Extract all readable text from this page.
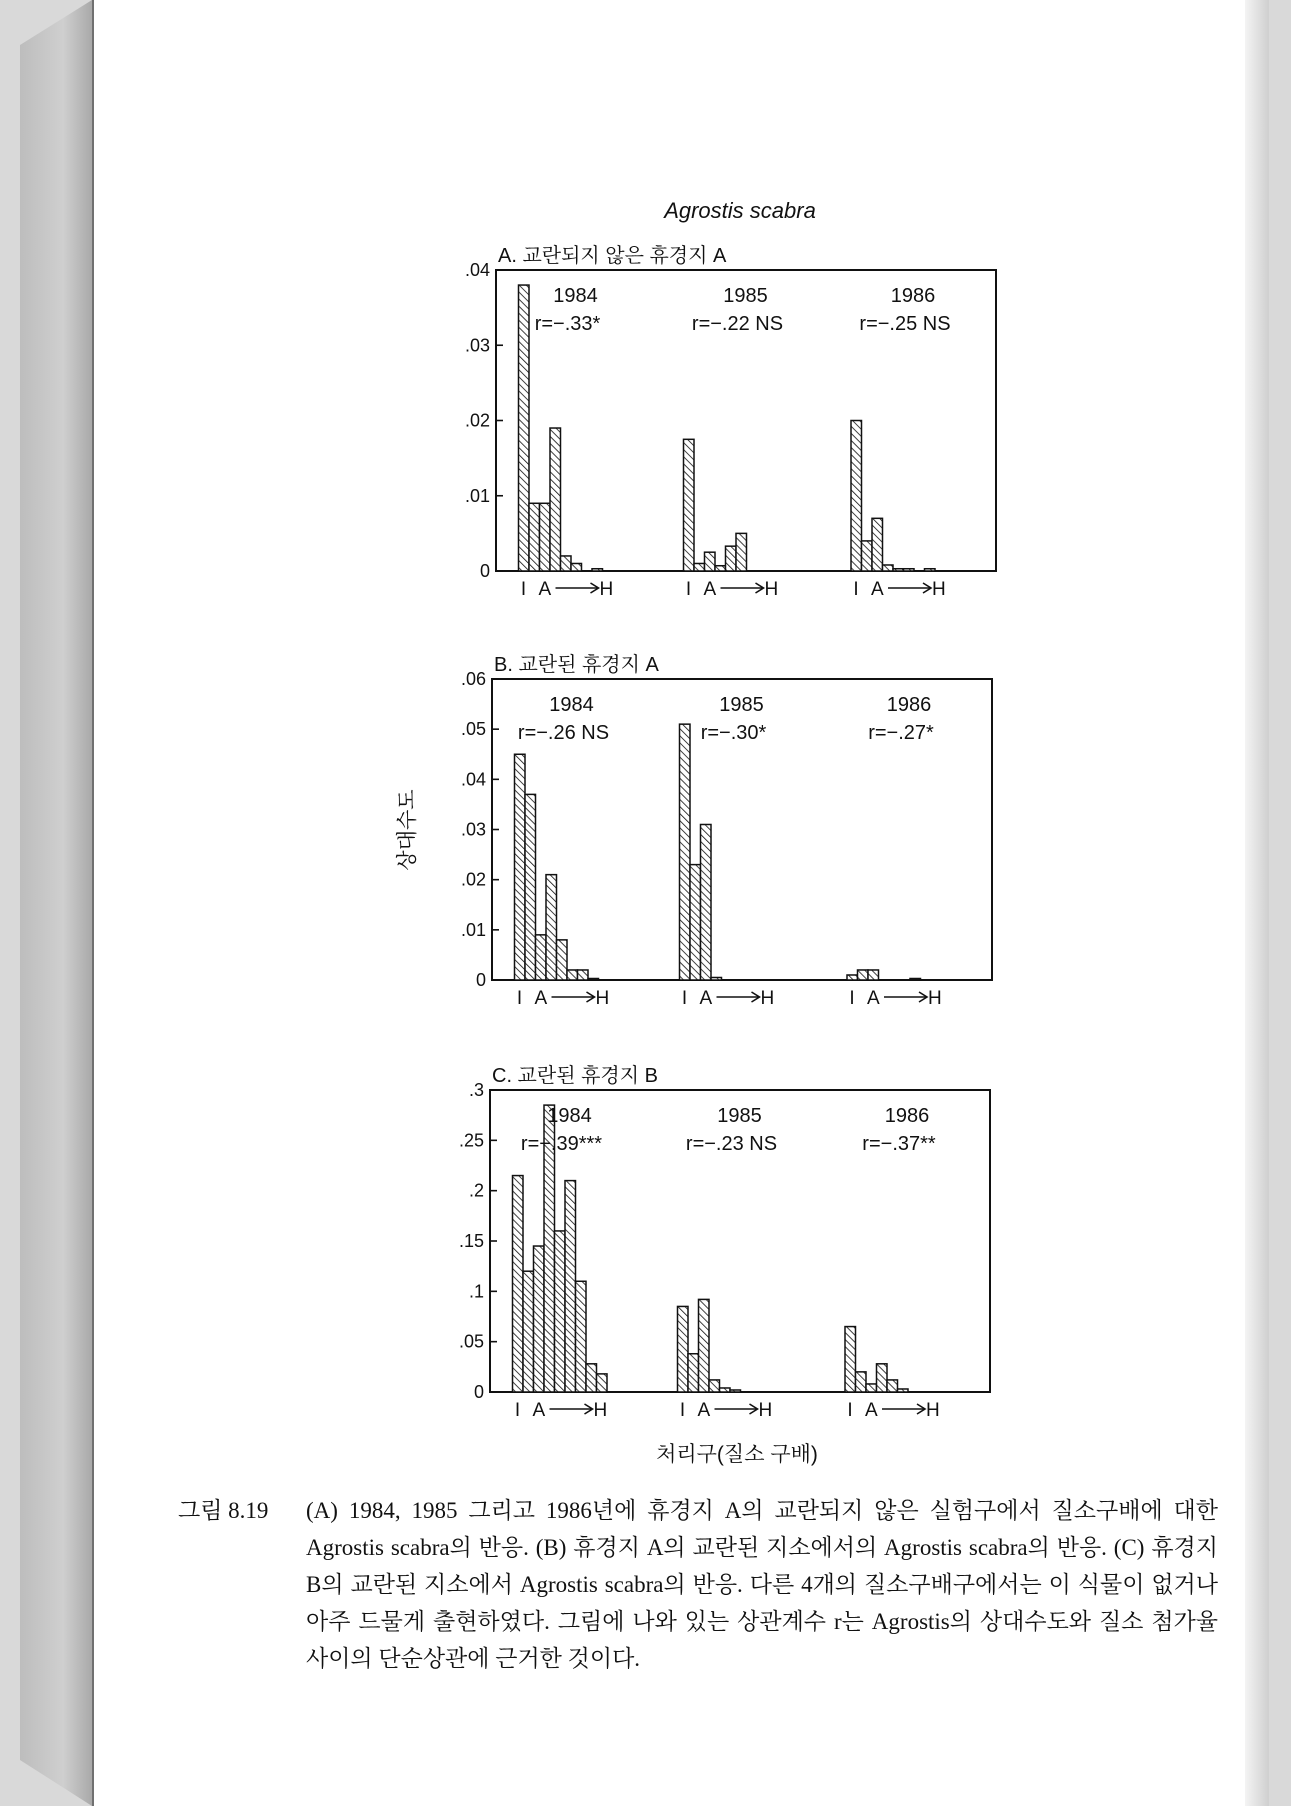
Agrostis scabra
상대수도
처리구(질소 구배)
A. 교란되지 않은 휴경지 A
0
.01
.02
.03
.04
1984
r=−.33*
I A	H
1985
r=−.22 NS
I A	H
1986
r=−.25 NS
I A	H
B. 교란된 휴경지 A
0
.01
.02
.03
.04
.05
.06
1984
r=−.26 NS
I A	H
1985
r=−.30*
I A	H
1986
r=−.27*
I A	H
C. 교란된 휴경지 B
0
.05
.1
.15
.2
.25
.3
1984
r=−.39***
I A	H
1985
r=−.23 NS
I A	H
1986
r=−.37**
I A	H
그림 8.19	(A) 1984, 1985 그리고 1986년에 휴경지 A의 교란되지 않은 실험구에서 질소구배에 대한 Agrostis scabra의 반응. (B) 휴경지 A의 교란된 지소에서의 Agrostis scabra의 반응. (C) 휴경지 B의 교란된 지소에서 Agrostis scabra의 반응. 다른 4개의 질소구배구에서는 이 식물이 없거나 아주 드물게 출현하였다. 그림에 나와 있는 상관계수 r는 Agrostis의 상대수도와 질소 첨가율 사이의 단순상관에 근거한 것이다.
